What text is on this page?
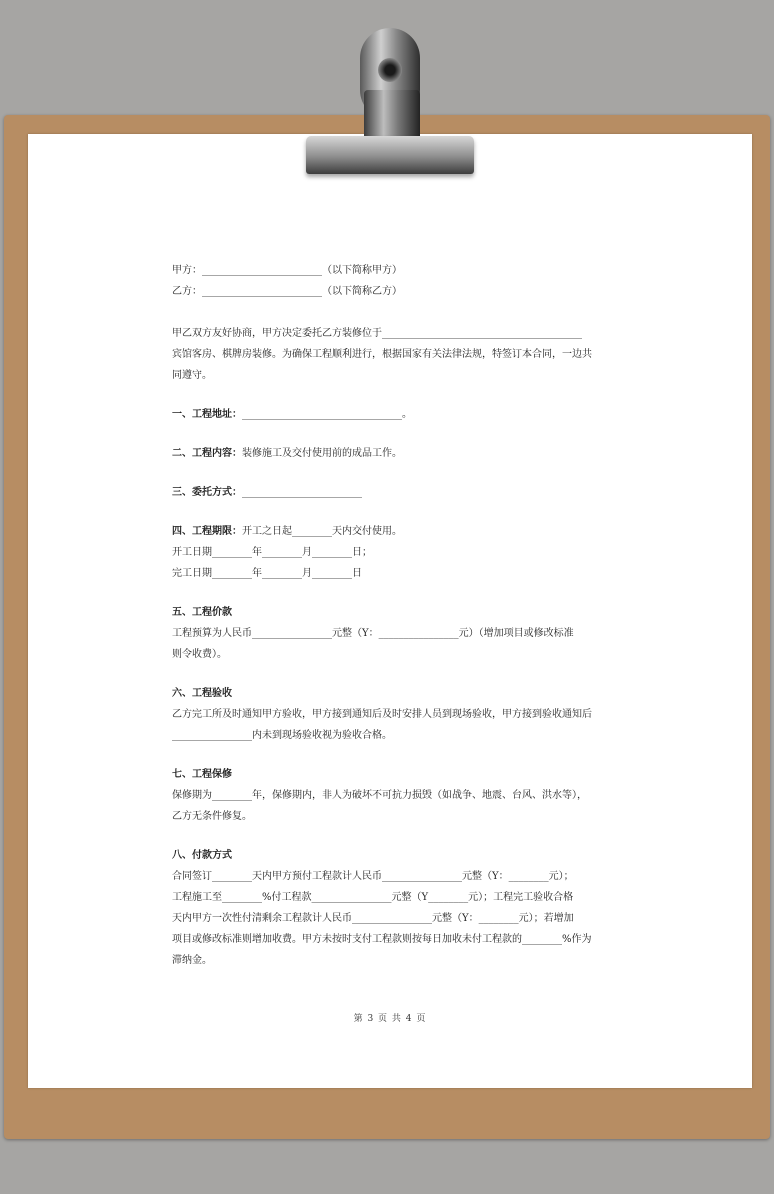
甲方：________________________（以下简称甲方）

乙方：________________________（以下简称乙方）

甲乙双方友好协商，甲方决定委托乙方装修位于________________________________________

宾馆客房、棋牌房装修。为确保工程顺利进行，根据国家有关法律法规，特签订本合同，一边共

同遵守。

一、工程地址：________________________________。

二、工程内容：装修施工及交付使用前的成品工作。

三、委托方式：________________________

四、工程期限：开工之日起________天内交付使用。

开工日期________年________月________日；

完工日期________年________月________日

五、工程价款

工程预算为人民币________________元整（Y：________________元）（增加项目或修改标准

则令收费）。

六、工程验收

乙方完工所及时通知甲方验收，甲方接到通知后及时安排人员到现场验收，甲方接到验收通知后

________________内未到现场验收视为验收合格。

七、工程保修

保修期为________年，保修期内，非人为破坏不可抗力损毁（如战争、地震、台风、洪水等），

乙方无条件修复。

八、付款方式

合同签订________天内甲方预付工程款计人民币________________元整（Y：________元）；

工程施工至________%付工程款________________元整（Y________元）；工程完工验收合格

天内甲方一次性付清剩余工程款计人民币________________元整（Y：________元）；若增加

项目或修改标准则增加收费。甲方未按时支付工程款则按每日加收未付工程款的________%作为

滞纳金。

第 3 页 共 4 页
